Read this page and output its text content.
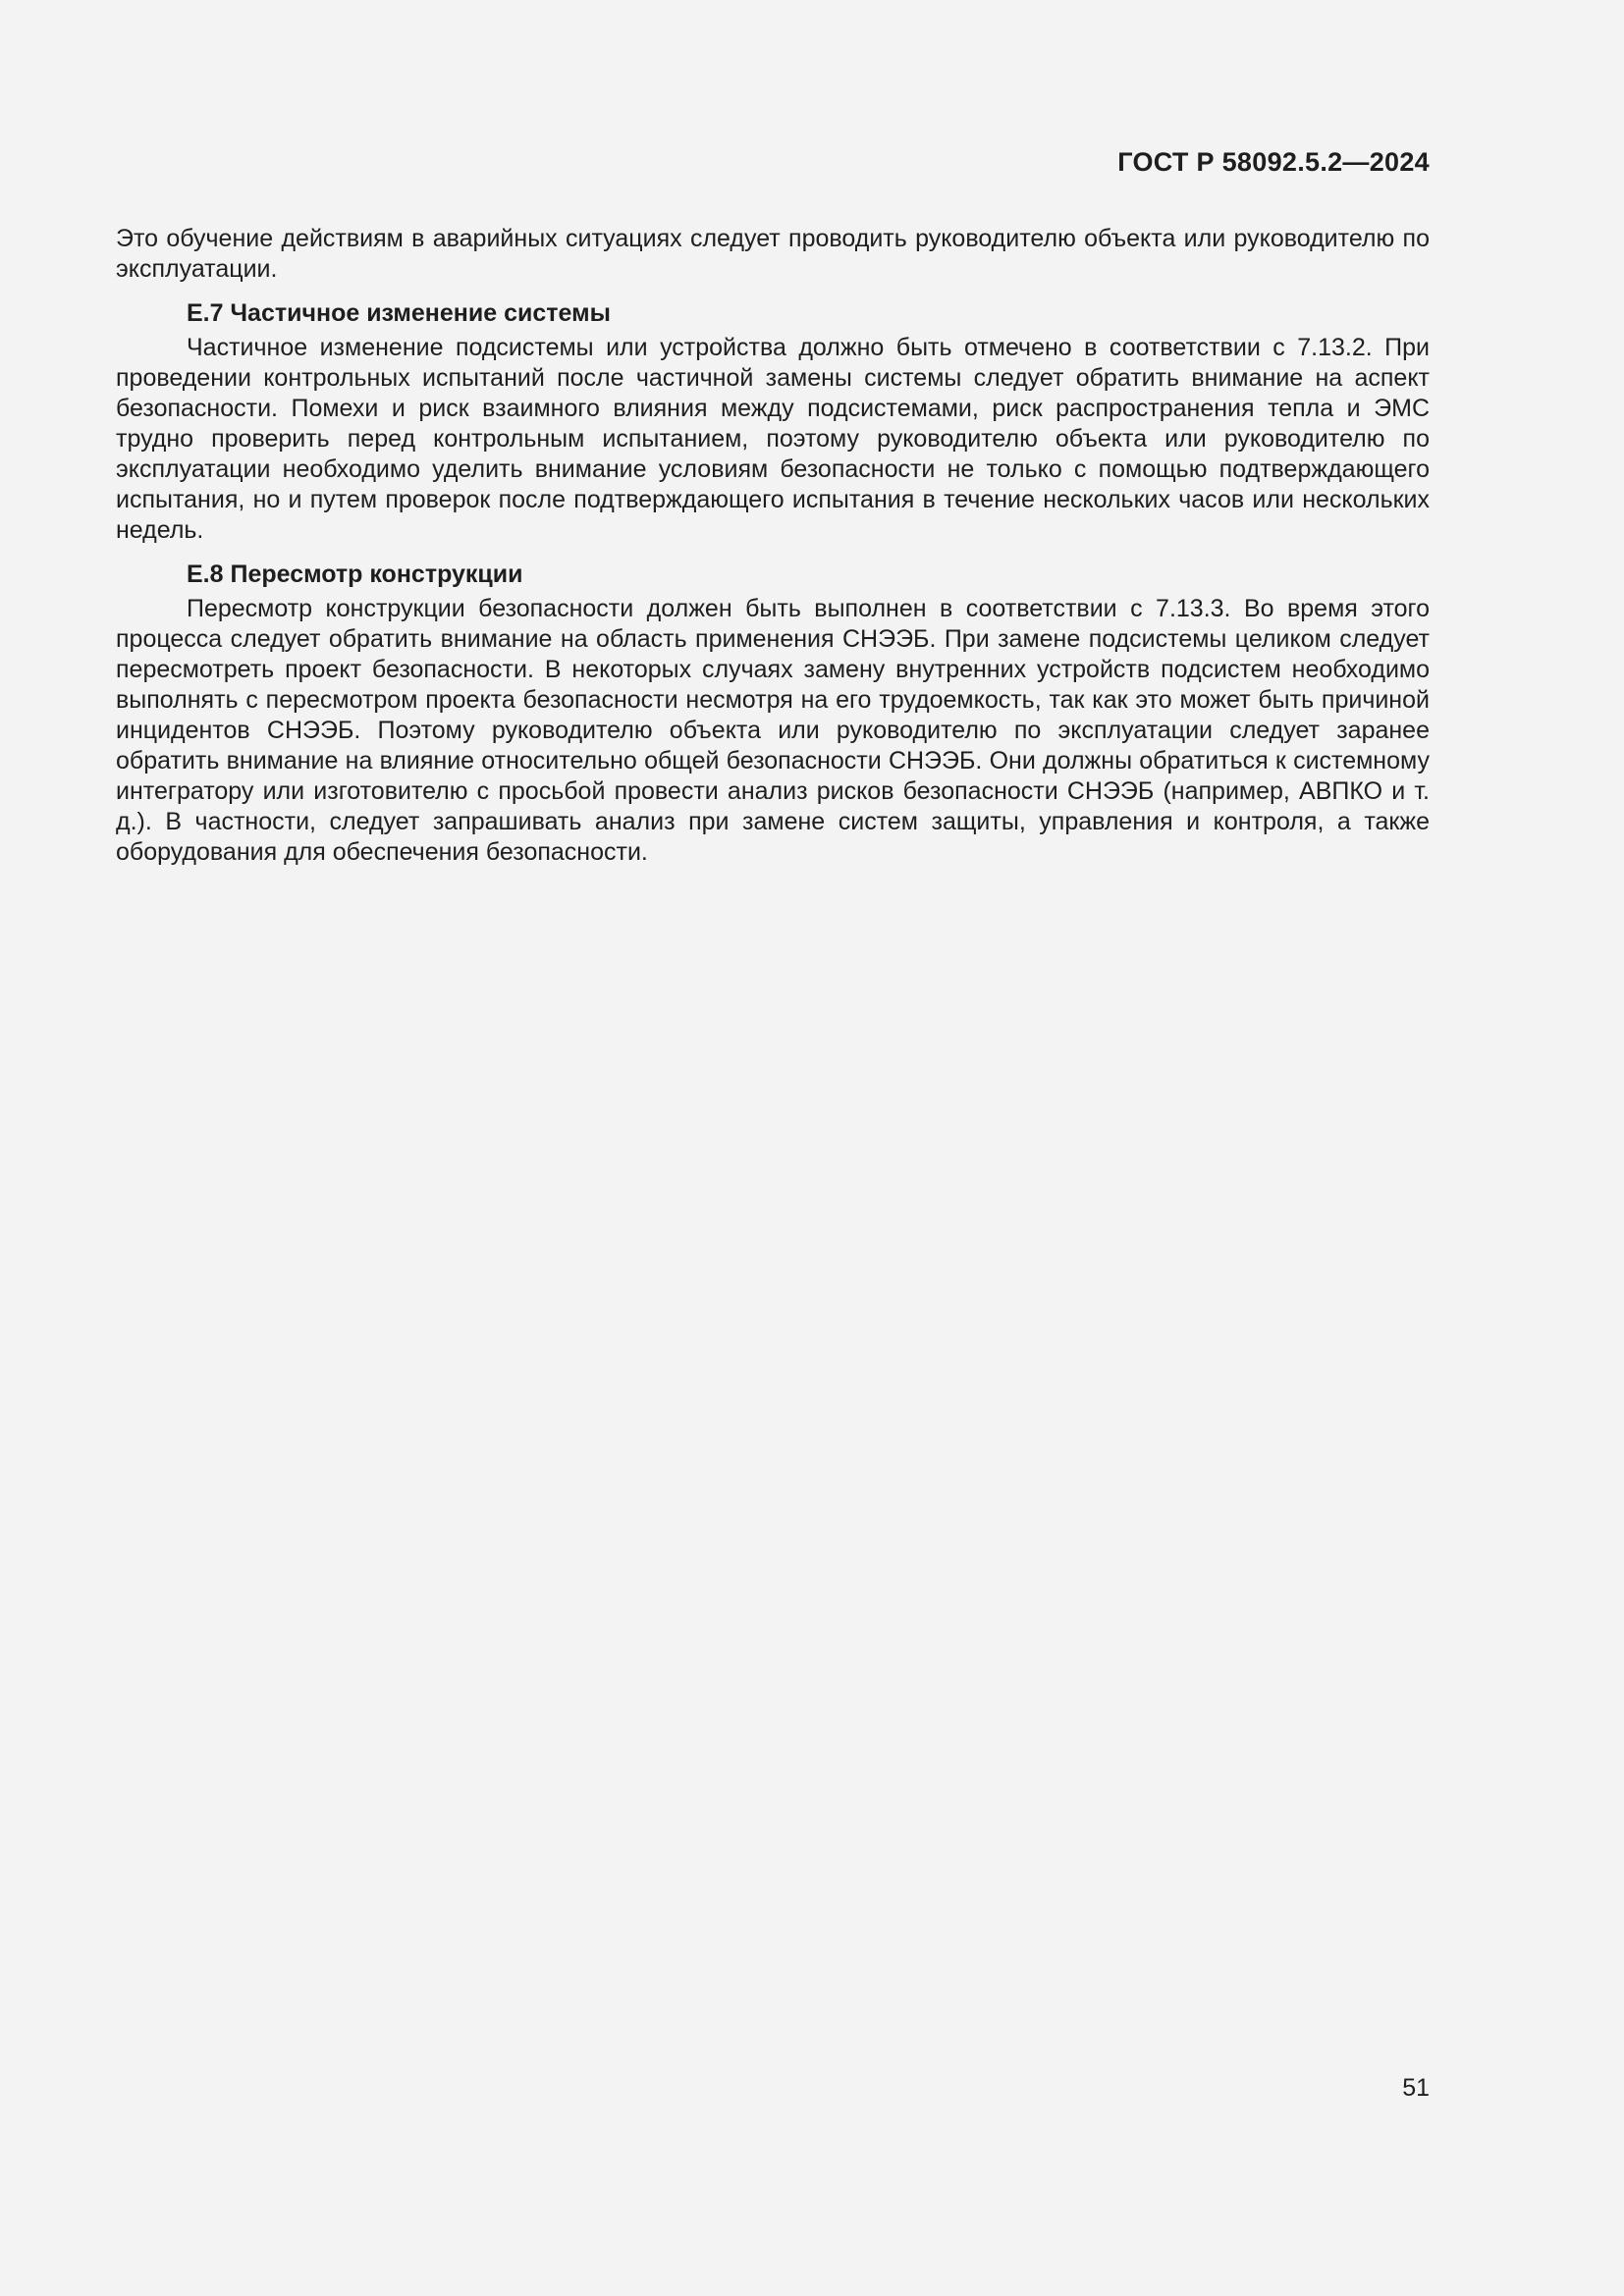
ГОСТ Р 58092.5.2—2024

Это обучение действиям в аварийных ситуациях следует проводить руководителю объекта или руководителю по эксплуатации.

Е.7 Частичное изменение системы

Частичное изменение подсистемы или устройства должно быть отмечено в соответствии с 7.13.2. При проведении контрольных испытаний после частичной замены системы следует обратить внимание на аспект безопасности. Помехи и риск взаимного влияния между подсистемами, риск распространения тепла и ЭМС трудно проверить перед контрольным испытанием, поэтому руководителю объекта или руководителю по эксплуатации необходимо уделить внимание условиям безопасности не только с помощью подтверждающего испытания, но и путем проверок после подтверждающего испытания в течение нескольких часов или нескольких недель.

Е.8 Пересмотр конструкции

Пересмотр конструкции безопасности должен быть выполнен в соответствии с 7.13.3. Во время этого процесса следует обратить внимание на область применения СНЭЭБ. При замене подсистемы целиком следует пересмотреть проект безопасности. В некоторых случаях замену внутренних устройств подсистем необходимо выполнять с пересмотром проекта безопасности несмотря на его трудоемкость, так как это может быть причиной инцидентов СНЭЭБ. Поэтому руководителю объекта или руководителю по эксплуатации следует заранее обратить внимание на влияние относительно общей безопасности СНЭЭБ. Они должны обратиться к системному интегратору или изготовителю с просьбой провести анализ рисков безопасности СНЭЭБ (например, АВПКО и т. д.). В частности, следует запрашивать анализ при замене систем защиты, управления и контроля, а также оборудования для обеспечения безопасности.

51
